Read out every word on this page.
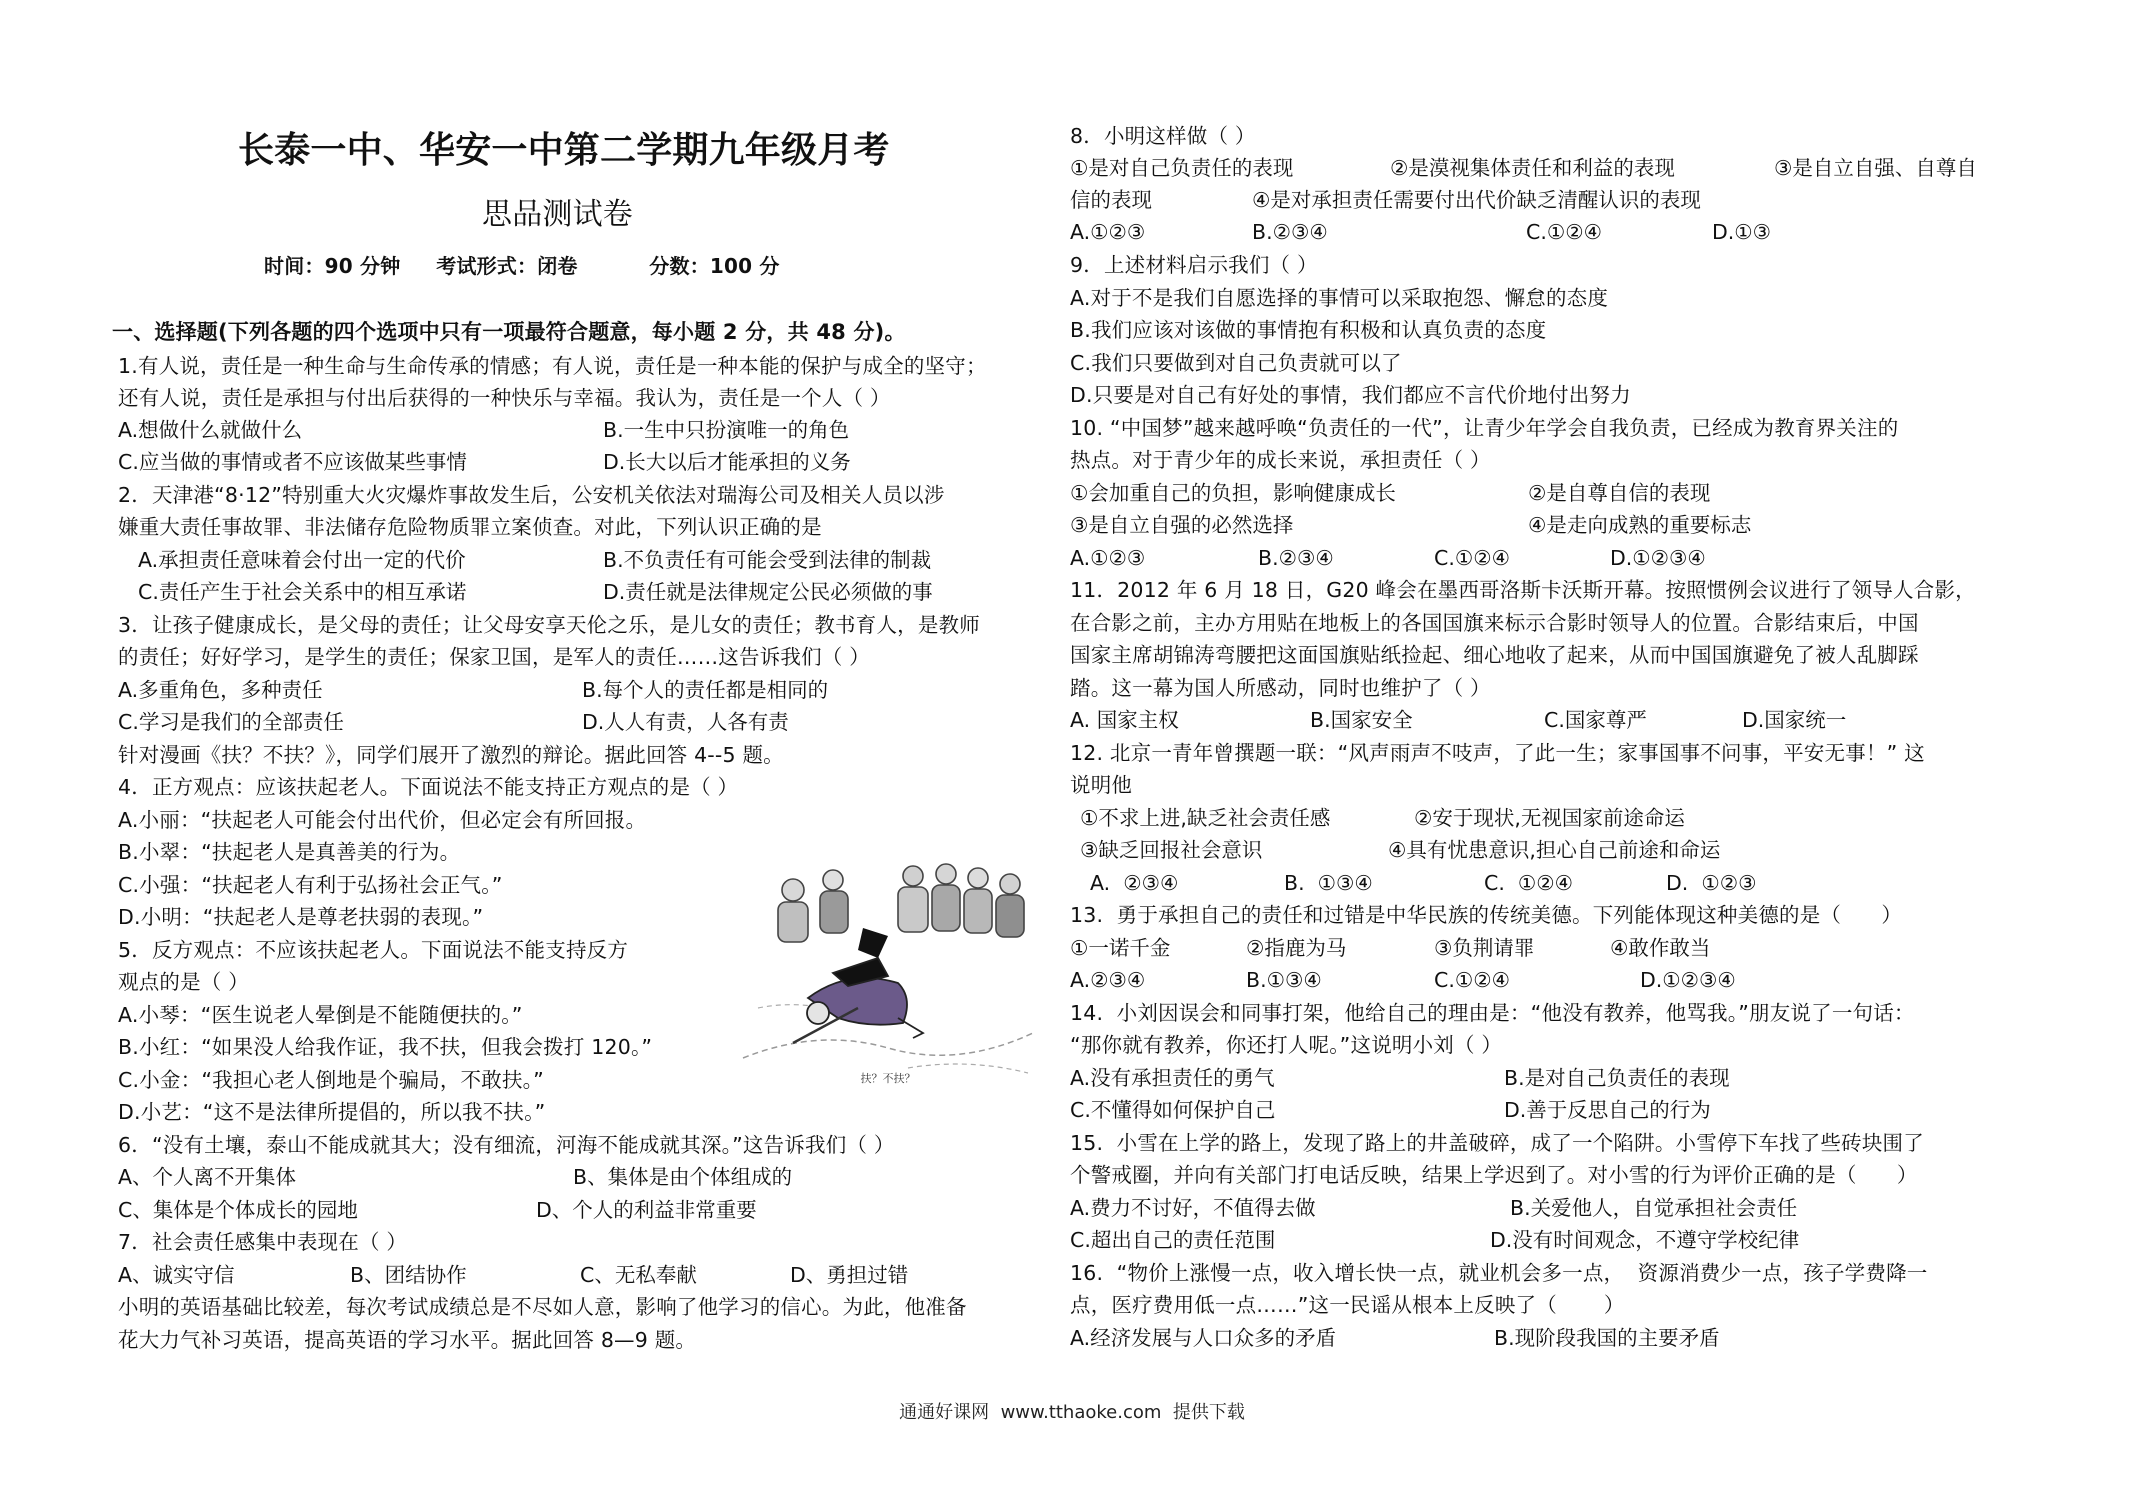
长泰一中、华安一中第二学期九年级月考
思品测试卷
时间：90 分钟     考试形式：闭卷          分数：100 分
一、选择题(下列各题的四个选项中只有一项最符合题意，每小题 2 分，共 48 分)。
1.有人说，责任是一种生命与生命传承的情感；有人说，责任是一种本能的保护与成全的坚守；
还有人说，责任是承担与付出后获得的一种快乐与幸福。我认为，责任是一个人（ ）
A.想做什么就做什么	B.一生中只扮演唯一的角色
C.应当做的事情或者不应该做某些事情	D.长大以后才能承担的义务
2．天津港“8·12”特别重大火灾爆炸事故发生后，公安机关依法对瑞海公司及相关人员以涉
嫌重大责任事故罪、非法储存危险物质罪立案侦查。对此，下列认识正确的是
A.承担责任意味着会付出一定的代价	B.不负责任有可能会受到法律的制裁
C.责任产生于社会关系中的相互承诺	D.责任就是法律规定公民必须做的事
3．让孩子健康成长，是父母的责任；让父母安享天伦之乐，是儿女的责任；教书育人，是教师
的责任；好好学习，是学生的责任；保家卫国，是军人的责任……这告诉我们（ ）
A.多重角色，多种责任	B.每个人的责任都是相同的
C.学习是我们的全部责任	D.人人有责，人各有责
针对漫画《扶？不扶？》，同学们展开了激烈的辩论。据此回答 4--5 题。
4．正方观点：应该扶起老人。下面说法不能支持正方观点的是（ ）
A.小丽：“扶起老人可能会付出代价，但必定会有所回报。
B.小翠：“扶起老人是真善美的行为。
C.小强：“扶起老人有利于弘扬社会正气。”
D.小明：“扶起老人是尊老扶弱的表现。”
5．反方观点：不应该扶起老人。下面说法不能支持反方
观点的是（ ）
A.小琴：“医生说老人晕倒是不能随便扶的。”
B.小红：“如果没人给我作证，我不扶，但我会拨打 120。”
C.小金：“我担心老人倒地是个骗局，不敢扶。”
D.小艺：“这不是法律所提倡的，所以我不扶。”
6．“没有土壤，泰山不能成就其大；没有细流，河海不能成就其深。”这告诉我们（ ）
A、个人离不开集体	B、集体是由个体组成的
C、集体是个体成长的园地	D、个人的利益非常重要
7．社会责任感集中表现在（ ）
A、诚实守信	B、团结协作	C、无私奉献	D、勇担过错
小明的英语基础比较差，每次考试成绩总是不尽如人意，影响了他学习的信心。为此，他准备
花大力气补习英语，提高英语的学习水平。据此回答 8—9 题。
扶？不扶？
8．小明这样做（ ）
①是对自己负责任的表现	②是漠视集体责任和利益的表现	③是自立自强、自尊自
信的表现	④是对承担责任需要付出代价缺乏清醒认识的表现
A.①②③	B.②③④	C.①②④	D.①③
9．上述材料启示我们（ ）
A.对于不是我们自愿选择的事情可以采取抱怨、懈怠的态度
B.我们应该对该做的事情抱有积极和认真负责的态度
C.我们只要做到对自己负责就可以了
D.只要是对自己有好处的事情，我们都应不言代价地付出努力
10. “中国梦”越来越呼唤“负责任的一代”，让青少年学会自我负责，已经成为教育界关注的
热点。对于青少年的成长来说，承担责任（ ）
①会加重自己的负担，影响健康成长	②是自尊自信的表现
③是自立自强的必然选择	④是走向成熟的重要标志
A.①②③	B.②③④	C.①②④	D.①②③④
11．2012 年 6 月 18 日，G20 峰会在墨西哥洛斯卡沃斯开幕。按照惯例会议进行了领导人合影，
在合影之前，主办方用贴在地板上的各国国旗来标示合影时领导人的位置。合影结束后，中国
国家主席胡锦涛弯腰把这面国旗贴纸捡起、细心地收了起来，从而中国国旗避免了被人乱脚踩
踏。这一幕为国人所感动，同时也维护了（ ）
A. 国家主权	B.国家安全	C.国家尊严	D.国家统一
12. 北京一青年曾撰题一联：“风声雨声不吱声，了此一生；家事国事不问事，平安无事！” 这
说明他
①不求上进,缺乏社会责任感	②安于现状,无视国家前途命运
③缺乏回报社会意识	④具有忧患意识,担心自己前途和命运
A.  ②③④	B.  ①③④	C.  ①②④	D.  ①②③
13.  勇于承担自己的责任和过错是中华民族的传统美德。下列能体现这种美德的是（      ）
①一诺千金	②指鹿为马	③负荆请罪	④敢作敢当
A.②③④	B.①③④	C.①②④	D.①②③④
14.  小刘因误会和同事打架，他给自己的理由是：“他没有教养，他骂我。”朋友说了一句话：
“那你就有教养，你还打人呢。”这说明小刘（ ）
A.没有承担责任的勇气	B.是对自己负责任的表现
C.不懂得如何保护自己	D.善于反思自己的行为
15.  小雪在上学的路上，发现了路上的井盖破碎，成了一个陷阱。小雪停下车找了些砖块围了
个警戒圈，并向有关部门打电话反映，结果上学迟到了。对小雪的行为评价正确的是（      ）
A.费力不讨好，不值得去做	B.关爱他人，自觉承担社会责任
C.超出自己的责任范围	D.没有时间观念，不遵守学校纪律
16.  “物价上涨慢一点，收入增长快一点，就业机会多一点，  资源消费少一点，孩子学费降一
点，医疗费用低一点……”这一民谣从根本上反映了（       ）
A.经济发展与人口众多的矛盾	B.现阶段我国的主要矛盾
通通好课网  www.tthaoke.com  提供下载
